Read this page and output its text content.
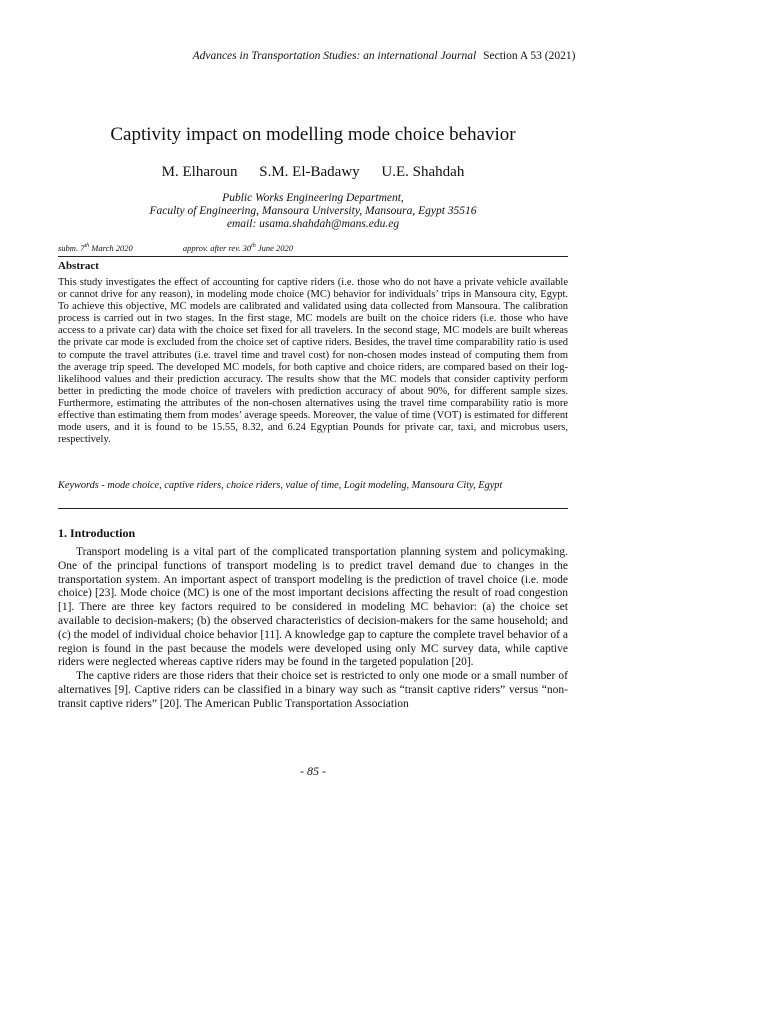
Advances in Transportation Studies: an international Journal Section A 53 (2021)
Captivity impact on modelling mode choice behavior
M. Elharoun S.M. El-Badawy U.E. Shahdah
Public Works Engineering Department,
Faculty of Engineering, Mansoura University, Mansoura, Egypt 35516
email: usama.shahdah@mans.edu.eg
subm. 7th March 2020	approv. after rev. 30th June 2020
Abstract
This study investigates the effect of accounting for captive riders (i.e. those who do not have a private vehicle available or cannot drive for any reason), in modeling mode choice (MC) behavior for individuals’ trips in Mansoura city, Egypt. To achieve this objective, MC models are calibrated and validated using data collected from Mansoura. The calibration process is carried out in two stages. In the first stage, MC models are built on the choice riders (i.e. those who have access to a private car) data with the choice set fixed for all travelers. In the second stage, MC models are built whereas the private car mode is excluded from the choice set of captive riders. Besides, the travel time comparability ratio is used to compute the travel attributes (i.e. travel time and travel cost) for non-chosen modes instead of computing them from the average trip speed. The developed MC models, for both captive and choice riders, are compared based on their log-likelihood values and their prediction accuracy. The results show that the MC models that consider captivity perform better in predicting the mode choice of travelers with prediction accuracy of about 90%, for different sample sizes. Furthermore, estimating the attributes of the non-chosen alternatives using the travel time comparability ratio is more effective than estimating them from modes’ average speeds. Moreover, the value of time (VOT) is estimated for different mode users, and it is found to be 15.55, 8.32, and 6.24 Egyptian Pounds for private car, taxi, and microbus users, respectively.
Keywords - mode choice, captive riders, choice riders, value of time, Logit modeling, Mansoura City, Egypt
1. Introduction

Transport modeling is a vital part of the complicated transportation planning system and policymaking. One of the principal functions of transport modeling is to predict travel demand due to changes in the transportation system. An important aspect of transport modeling is the prediction of travel choice (i.e. mode choice) [23]. Mode choice (MC) is one of the most important decisions affecting the result of road congestion [1]. There are three key factors required to be considered in modeling MC behavior: (a) the choice set available to decision-makers; (b) the observed characteristics of decision-makers for the same household; and (c) the model of individual choice behavior [11]. A knowledge gap to capture the complete travel behavior of a region is found in the past because the models were developed using only MC survey data, while captive riders were neglected whereas captive riders may be found in the targeted population [20].

The captive riders are those riders that their choice set is restricted to only one mode or a small number of alternatives [9]. Captive riders can be classified in a binary way such as “transit captive riders” versus “non-transit captive riders” [20]. The American Public Transportation Association

- 85 -
